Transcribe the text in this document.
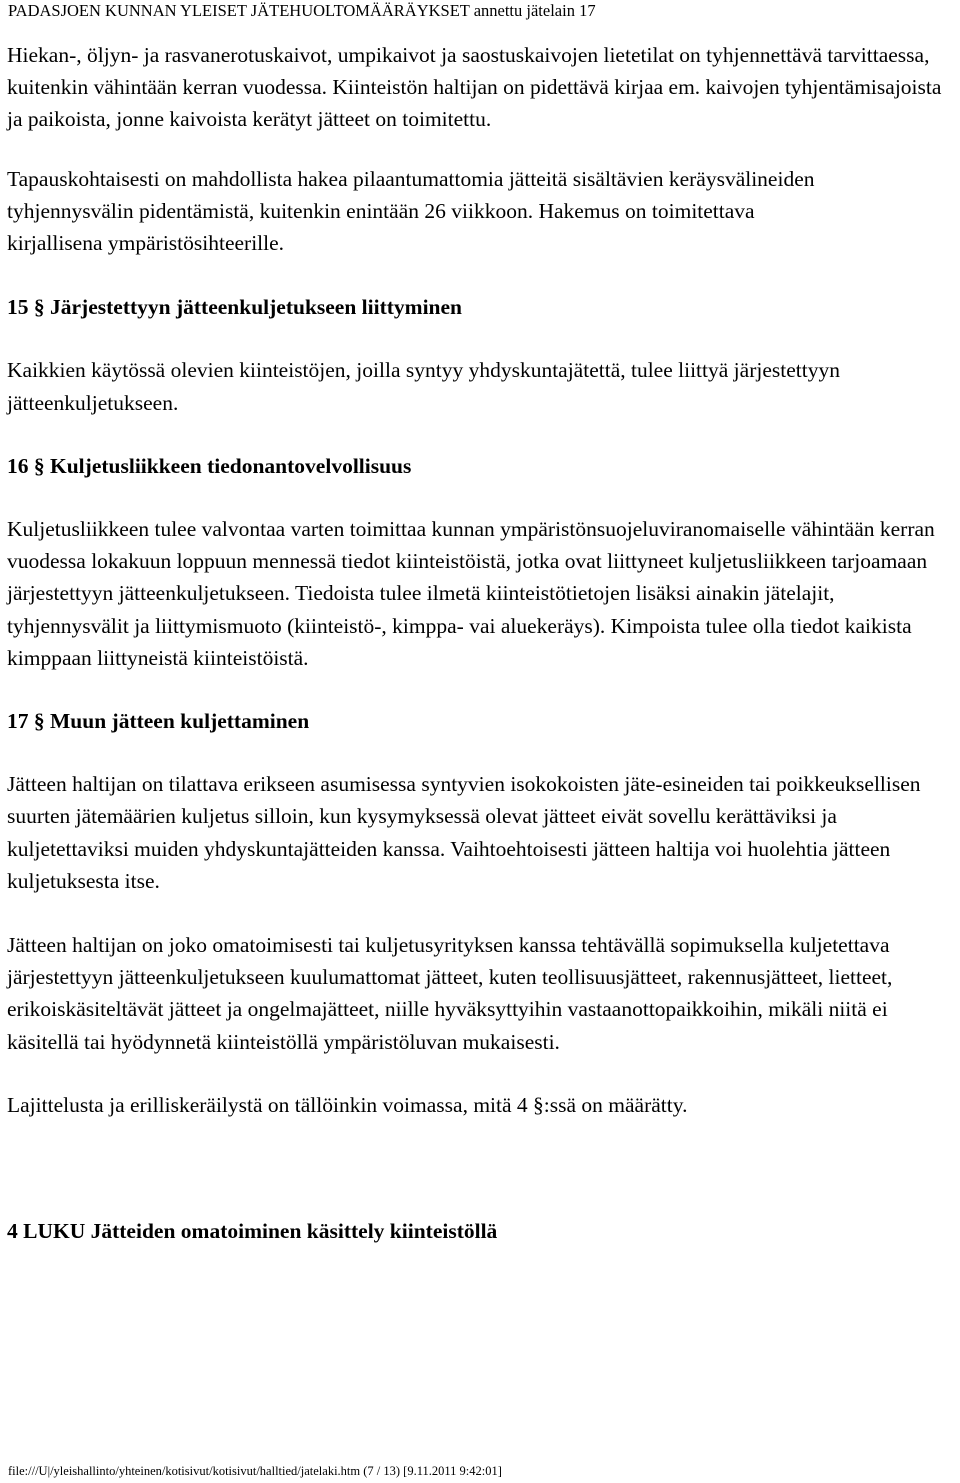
PADASJOEN KUNNAN YLEISET JÄTEHUOLTOMÄÄRÄYKSET annettu jätelain 17

Hiekan-, öljyn- ja rasvanerotuskaivot, umpikaivot ja saostuskaivojen lietetilat on tyhjennettävä tarvittaessa, kuitenkin vähintään kerran vuodessa. Kiinteistön haltijan on pidettävä kirjaa em. kaivojen tyhjentämisajoista ja paikoista, jonne kaivoista kerätyt jätteet on toimitettu.

Tapauskohtaisesti on mahdollista hakea pilaantumattomia jätteitä sisältävien keräysvälineiden tyhjennysvälin pidentämistä, kuitenkin enintään 26 viikkoon. Hakemus on toimitettava kirjallisena ympäristösihteerille.

15 § Järjestettyyn jätteenkuljetukseen liittyminen

Kaikkien käytössä olevien kiinteistöjen, joilla syntyy yhdyskuntajätettä, tulee liittyä järjestettyyn jätteenkuljetukseen.

16 § Kuljetusliikkeen tiedonantovelvollisuus

Kuljetusliikkeen tulee valvontaa varten toimittaa kunnan ympäristönsuojeluviranomaiselle vähintään kerran vuodessa lokakuun loppuun mennessä tiedot kiinteistöistä, jotka ovat liittyneet kuljetusliikkeen tarjoamaan järjestettyyn jätteenkuljetukseen. Tiedoista tulee ilmetä kiinteistötietojen lisäksi ainakin jätelajit, tyhjennysvälit ja liittymismuoto (kiinteistö-, kimppa- vai aluekeräys). Kimpoista tulee olla tiedot kaikista kimppaan liittyneistä kiinteistöistä.

17 § Muun jätteen kuljettaminen

Jätteen haltijan on tilattava erikseen asumisessa syntyvien isokokoisten jäte-esineiden tai poikkeuksellisen suurten jätemäärien kuljetus silloin, kun kysymyksessä olevat jätteet eivät sovellu kerättäviksi ja kuljetettaviksi muiden yhdyskuntajätteiden kanssa. Vaihtoehtoisesti jätteen haltija voi huolehtia jätteen kuljetuksesta itse.

Jätteen haltijan on joko omatoimisesti tai kuljetusyrityksen kanssa tehtävällä sopimuksella kuljetettava järjestettyyn jätteenkuljetukseen kuulumattomat jätteet, kuten teollisuusjätteet, rakennusjätteet, lietteet, erikoiskäsiteltävät jätteet ja ongelmajätteet, niille hyväksyttyihin vastaanottopaikkoihin, mikäli niitä ei käsitellä tai hyödynnetä kiinteistöllä ympäristöluvan mukaisesti.

Lajittelusta ja erilliskeräilystä on tällöinkin voimassa, mitä 4 §:ssä on määrätty.

4 LUKU Jätteiden omatoiminen käsittely kiinteistöllä
file:///U|/yleishallinto/yhteinen/kotisivut/kotisivut/halltied/jatelaki.htm (7 / 13) [9.11.2011 9:42:01]
